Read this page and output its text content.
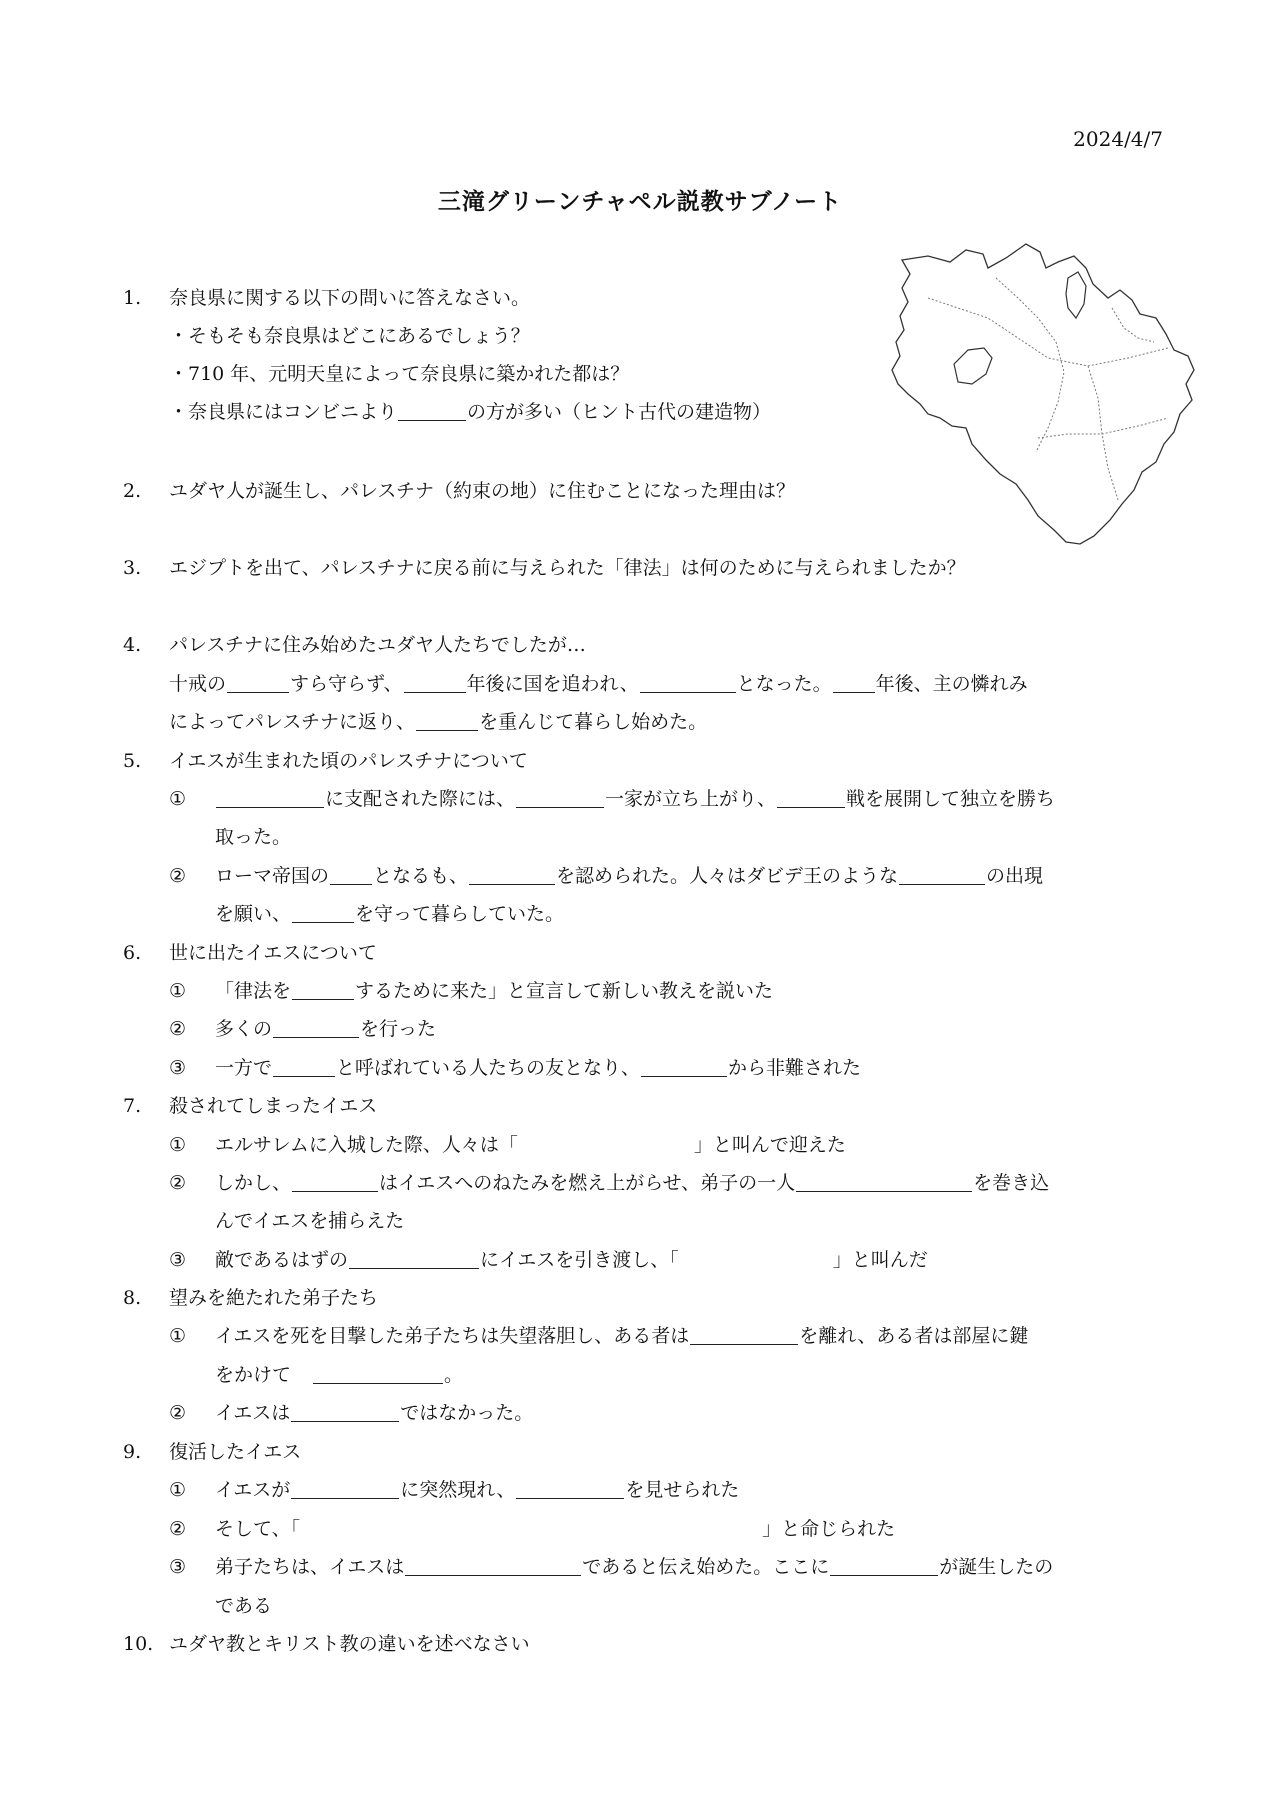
2024/4/7
三滝グリーンチャペル説教サブノート
1. 奈良県に関する以下の問いに答えなさい。
・そもそも奈良県はどこにあるでしょう？
・710 年、元明天皇によって奈良県に築かれた都は？
・奈良県にはコンビニより	の方が多い（ヒント古代の建造物）
2. ユダヤ人が誕生し、パレスチナ（約束の地）に住むことになった理由は？
3. エジプトを出て、パレスチナに戻る前に与えられた「律法」は何のために与えられましたか？
4. パレスチナに住み始めたユダヤ人たちでしたが…
十戒の	すら守らず、	年後に国を追われ、	となった。 年後、主の憐れみ
によってパレスチナに返り、	を重んじて暮らし始めた。
5. イエスが生まれた頃のパレスチナについて
①	に支配された際には、	一家が立ち上がり、	戦を展開して独立を勝ち
取った。
② ローマ帝国の となるも、	を認められた。人々はダビデ王のような	の出現
を願い、	を守って暮らしていた。
6. 世に出たイエスについて
① 「律法を	するために来た」と宣言して新しい教えを説いた
② 多くの	を行った
③ 一方で	と呼ばれている人たちの友となり、	から非難された
7. 殺されてしまったイエス
① エルサレムに入城した際、人々は「	」と叫んで迎えた
② しかし、	はイエスへのねたみを燃え上がらせ、弟子の一人	を巻き込
んでイエスを捕らえた
③ 敵であるはずの	にイエスを引き渡し、「	」と叫んだ
8. 望みを絶たれた弟子たち
① イエスを死を目撃した弟子たちは失望落胆し、ある者は	を離れ、ある者は部屋に鍵
をかけて	。
② イエスは	ではなかった。
9. 復活したイエス
① イエスが	に突然現れ、	を見せられた
② そして、「	」と命じられた
③ 弟子たちは、イエスは	であると伝え始めた。ここに	が誕生したの
である
10. ユダヤ教とキリスト教の違いを述べなさい
